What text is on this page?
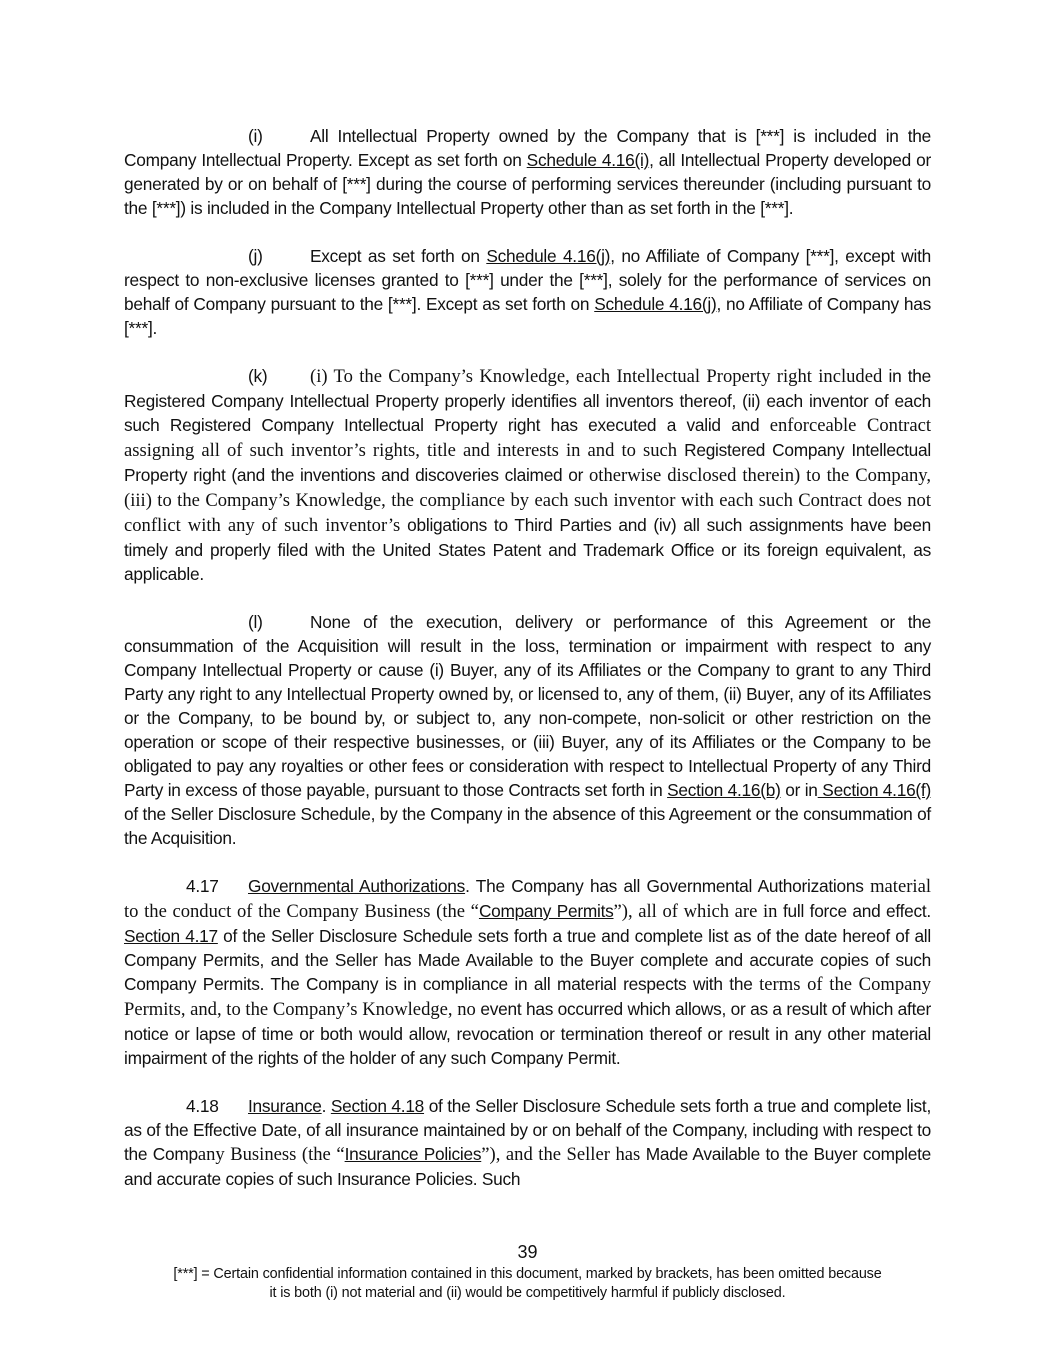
(i)	All Intellectual Property owned by the Company that is [***] is included in the Company Intellectual Property. Except as set forth on Schedule 4.16(i), all Intellectual Property developed or generated by or on behalf of [***] during the course of performing services thereunder (including pursuant to the [***]) is included in the Company Intellectual Property other than as set forth in the [***].

(j)	Except as set forth on Schedule 4.16(j), no Affiliate of Company [***], except with respect to non-exclusive licenses granted to [***] under the [***], solely for the performance of services on behalf of Company pursuant to the [***]. Except as set forth on Schedule 4.16(j), no Affiliate of Company has [***].

(k) (i) To the Company’s Knowledge, each Intellectual Property right included in the Registered Company Intellectual Property properly identifies all inventors thereof, (ii) each inventor of each such Registered Company Intellectual Property right has executed a valid and enforceable Contract assigning all of such inventor’s rights, title and interests in and to such Registered Company Intellectual Property right (and the inventions and discoveries claimed or otherwise disclosed therein) to the Company, (iii) to the Company’s Knowledge, the compliance by each such inventor with each such Contract does not conflict with any of such inventor’s obligations to Third Parties and (iv) all such assignments have been timely and properly filed with the United States Patent and Trademark Office or its foreign equivalent, as applicable.

(l)	None of the execution, delivery or performance of this Agreement or the consummation of the Acquisition will result in the loss, termination or impairment with respect to any Company Intellectual Property or cause (i) Buyer, any of its Affiliates or the Company to grant to any Third Party any right to any Intellectual Property owned by, or licensed to, any of them, (ii) Buyer, any of its Affiliates or the Company, to be bound by, or subject to, any non-compete, non-solicit or other restriction on the operation or scope of their respective businesses, or (iii) Buyer, any of its Affiliates or the Company to be obligated to pay any royalties or other fees or consideration with respect to Intellectual Property of any Third Party in excess of those payable, pursuant to those Contracts set forth in Section 4.16(b) or in Section 4.16(f) of the Seller Disclosure Schedule, by the Company in the absence of this Agreement or the consummation of the Acquisition.

4.17 Governmental Authorizations. The Company has all Governmental Authorizations material to the conduct of the Company Business (the “Company Permits”), all of which are in full force and effect. Section 4.17 of the Seller Disclosure Schedule sets forth a true and complete list as of the date hereof of all Company Permits, and the Seller has Made Available to the Buyer complete and accurate copies of such Company Permits. The Company is in compliance in all material respects with the terms of the Company Permits, and, to the Company’s Knowledge, no event has occurred which allows, or as a result of which after notice or lapse of time or both would allow, revocation or termination thereof or result in any other material impairment of the rights of the holder of any such Company Permit.

4.18 Insurance. Section 4.18 of the Seller Disclosure Schedule sets forth a true and complete list, as of the Effective Date, of all insurance maintained by or on behalf of the Company, including with respect to the Company Business (the “Insurance Policies”), and the Seller has Made Available to the Buyer complete and accurate copies of such Insurance Policies. Such

39
[***] = Certain confidential information contained in this document, marked by brackets, has been omitted because
it is both (i) not material and (ii) would be competitively harmful if publicly disclosed.
